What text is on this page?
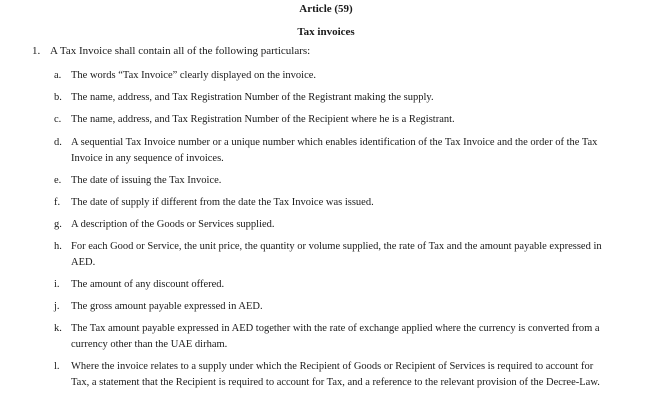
Article (59)
Tax invoices
1. A Tax Invoice shall contain all of the following particulars:
a. The words “Tax Invoice” clearly displayed on the invoice.
b. The name, address, and Tax Registration Number of the Registrant making the supply.
c. The name, address, and Tax Registration Number of the Recipient where he is a Registrant.
d. A sequential Tax Invoice number or a unique number which enables identification of the Tax Invoice and the order of the Tax Invoice in any sequence of invoices.
e. The date of issuing the Tax Invoice.
f.	The date of supply if different from the date the Tax Invoice was issued.
g. A description of the Goods or Services supplied.
h. For each Good or Service, the unit price, the quantity or volume supplied, the rate of Tax and the amount payable expressed in AED.
i.	The amount of any discount offered.
j.	The gross amount payable expressed in AED.
k. The Tax amount payable expressed in AED together with the rate of exchange applied where the currency is converted from a currency other than the UAE dirham.
l.	Where the invoice relates to a supply under which the Recipient of Goods or Recipient of Services is required to account for Tax, a statement that the Recipient is required to account for Tax, and a reference to the relevant provision of the Decree-Law.
